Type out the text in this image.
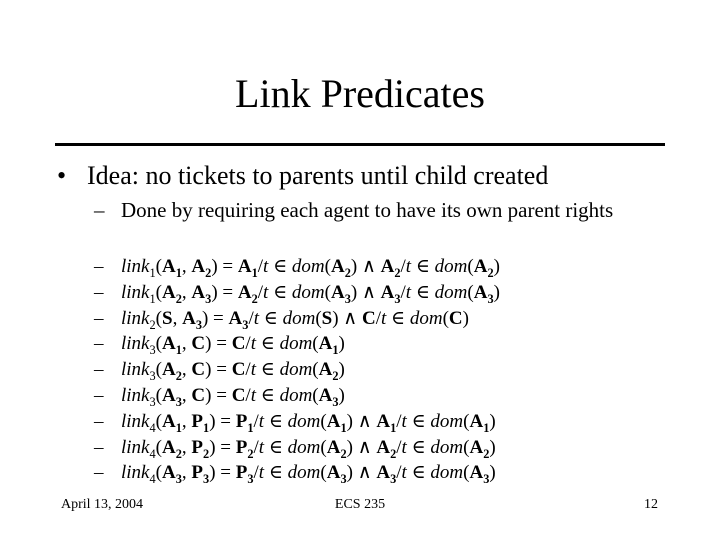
Link Predicates
• Idea: no tickets to parents until child created
– Done by requiring each agent to have its own parent rights
– $link_1(A_1$, $A_2) = A_1/t$ ∈ $dom(A_2)$ ∧ $A_2/t$ ∈ $dom(A_2)$
– $link_1(A_2$, $A_3) = A_2/t$ ∈ $dom(A_3)$ ∧ $A_3/t$ ∈ $dom(A_3)$
– link$_2$(S, $A_3) = A_3/t$ ∈ dom(S) ∧ C/t ∈ dom(C)
– $link_3(A_1$, C) = C/t ∈ $dom(A_1)$
– $link_3(A_2$, C) = C/t ∈ $dom(A_2)$
– $link_3(A_3$, C) = C/t ∈ $dom(A_3)$
– $link_4(A_1$, $P_1) = P_1/t$ ∈ $dom(A_1)$ ∧ $A_1/t$ ∈ $dom(A_1)$
– $link_4(A_2$, $P_2) = P_2/t$ ∈ $dom(A_2)$ ∧ $A_2/t$ ∈ $dom(A_2)$
– $link_4(A_3$, $P_3) = P_3/t$ ∈ $dom(A_3)$ ∧ $A_3/t$ ∈ $dom(A_3)$
April 13, 2004	ECS 235	12
